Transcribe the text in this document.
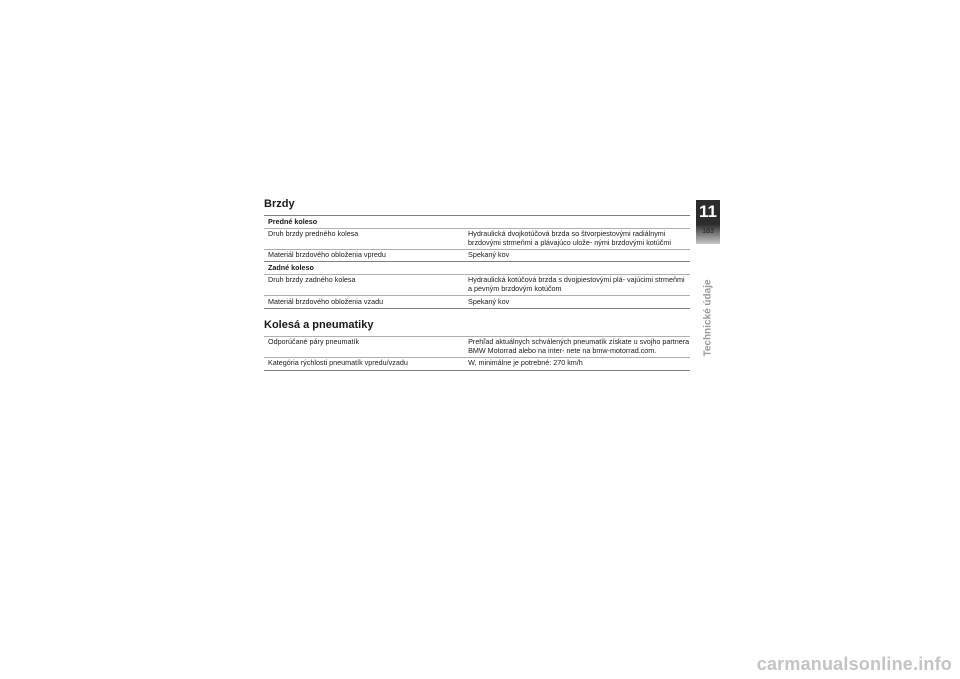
Brzdy
Predné koleso	
Druh brzdy predného kolesa	Hydraulická dvojkotúčová brzda so štvorpiestovými radiálnymi brzdovými strmeňmi a plávajúco ulože- nými brzdovými kotúčmi
Materiál brzdového obloženia vpredu	Spekaný kov
Zadné koleso	
Druh brzdy zadného kolesa	Hydraulická kotúčová brzda s dvojpiestovými plá- vajúcimi strmeňmi a pevným brzdovým kotúčom
Materiál brzdového obloženia vzadu	Spekaný kov
Kolesá a pneumatiky
Odporúčané páry pneumatík	Prehľad aktuálnych schválených pneumatík získate u svojho partnera BMW Motorrad alebo na inter- nete na bmw-motorrad.com.
Kategória rýchlosti pneumatík vpredu/vzadu	W, minimálne je potrebné: 270 km/h
11
183
Technické údaje
carmanualsonline.info
